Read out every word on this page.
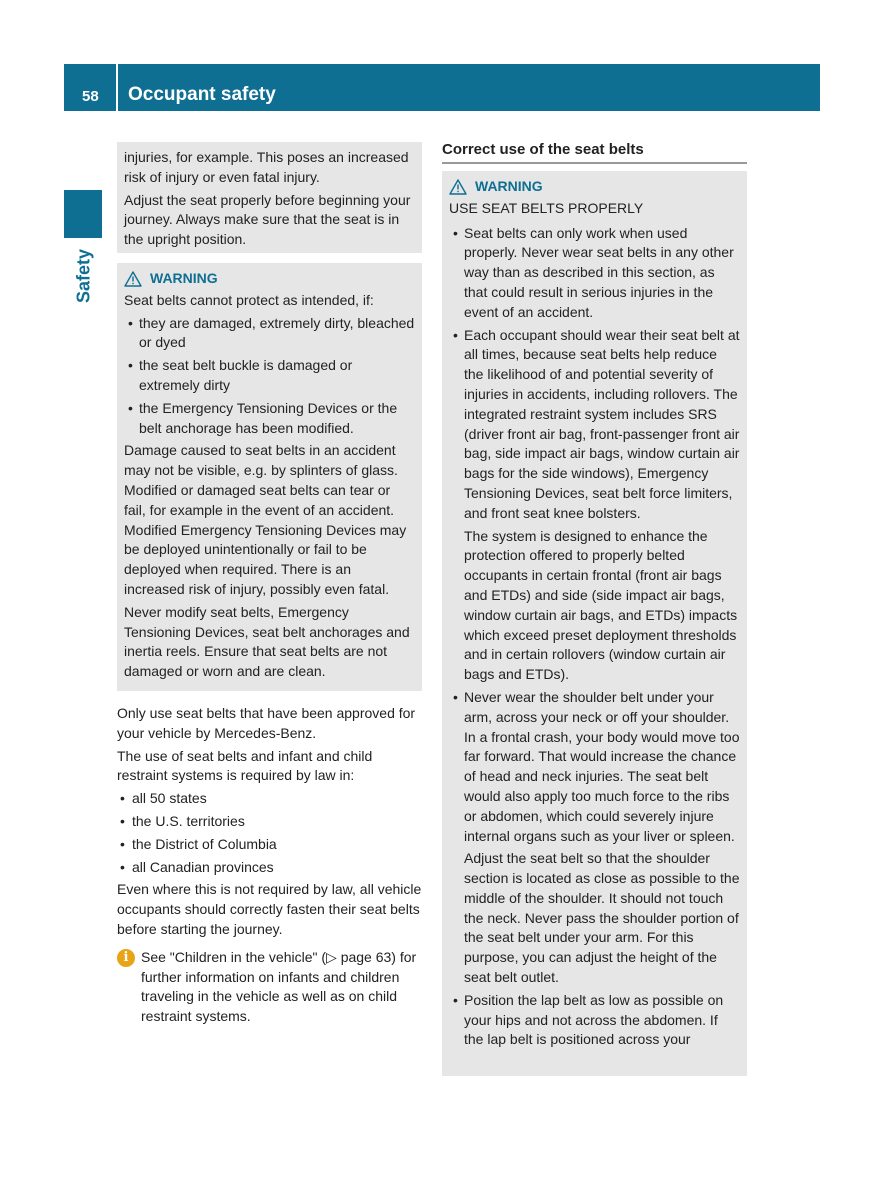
58 Occupant safety
Safety

injuries, for example. This poses an increased risk of injury or even fatal injury.

Adjust the seat properly before beginning your journey. Always make sure that the seat is in the upright position.

WARNING

Seat belts cannot protect as intended, if:

• they are damaged, extremely dirty, bleached or dyed
• the seat belt buckle is damaged or extremely dirty
• the Emergency Tensioning Devices or the belt anchorage has been modified.

Damage caused to seat belts in an accident may not be visible, e.g. by splinters of glass. Modified or damaged seat belts can tear or fail, for example in the event of an accident. Modified Emergency Tensioning Devices may be deployed unintentionally or fail to be deployed when required. There is an increased risk of injury, possibly even fatal.

Never modify seat belts, Emergency Tensioning Devices, seat belt anchorages and inertia reels. Ensure that seat belts are not damaged or worn and are clean.

Only use seat belts that have been approved for your vehicle by Mercedes-Benz.

The use of seat belts and infant and child restraint systems is required by law in:

• all 50 states
• the U.S. territories
• the District of Columbia
• all Canadian provinces

Even where this is not required by law, all vehicle occupants should correctly fasten their seat belts before starting the journey.

i See "Children in the vehicle" (▷ page 63) for further information on infants and children traveling in the vehicle as well as on child restraint systems.

Correct use of the seat belts
WARNING

USE SEAT BELTS PROPERLY

• Seat belts can only work when used properly. Never wear seat belts in any other way than as described in this section, as that could result in serious injuries in the event of an accident.
• Each occupant should wear their seat belt at all times, because seat belts help reduce the likelihood of and potential severity of injuries in accidents, including rollovers. The integrated restraint system includes SRS (driver front air bag, front-passenger front air bag, side impact air bags, window curtain air bags for the side windows), Emergency Tensioning Devices, seat belt force limiters, and front seat knee bolsters.

The system is designed to enhance the protection offered to properly belted occupants in certain frontal (front air bags and ETDs) and side (side impact air bags, window curtain air bags, and ETDs) impacts which exceed preset deployment thresholds and in certain rollovers (window curtain air bags and ETDs).

• Never wear the shoulder belt under your arm, across your neck or off your shoulder. In a frontal crash, your body would move too far forward. That would increase the chance of head and neck injuries. The seat belt would also apply too much force to the ribs or abdomen, which could severely injure internal organs such as your liver or spleen.

Adjust the seat belt so that the shoulder section is located as close as possible to the middle of the shoulder. It should not touch the neck. Never pass the shoulder portion of the seat belt under your arm. For this purpose, you can adjust the height of the seat belt outlet.

• Position the lap belt as low as possible on your hips and not across the abdomen. If the lap belt is positioned across your
